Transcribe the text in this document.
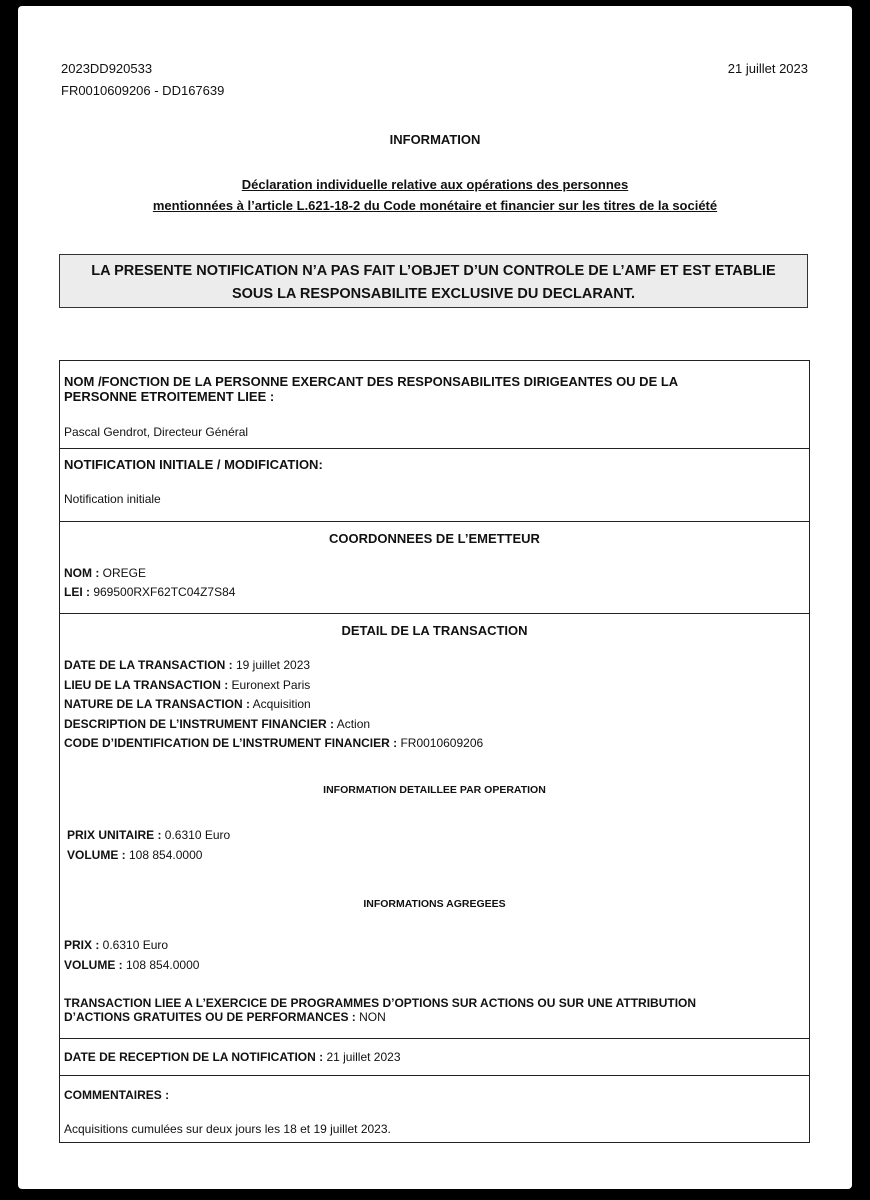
2023DD920533
FR0010609206 - DD167639
21 juillet 2023
INFORMATION
Déclaration individuelle relative aux opérations des personnes
mentionnées à l’article L.621-18-2 du Code monétaire et financier sur les titres de la société
LA PRESENTE NOTIFICATION N’A PAS FAIT L’OBJET D’UN CONTROLE DE L’AMF ET EST ETABLIE
SOUS LA RESPONSABILITE EXCLUSIVE DU DECLARANT.
NOM /FONCTION DE LA PERSONNE EXERCANT DES RESPONSABILITES DIRIGEANTES OU DE LA
PERSONNE ETROITEMENT LIEE :
Pascal Gendrot, Directeur Général
NOTIFICATION INITIALE / MODIFICATION:
Notification initiale
COORDONNEES DE L’EMETTEUR
NOM : OREGE
LEI : 969500RXF62TC04Z7S84
DETAIL DE LA TRANSACTION
DATE DE LA TRANSACTION : 19 juillet 2023
LIEU DE LA TRANSACTION : Euronext Paris
NATURE DE LA TRANSACTION : Acquisition
DESCRIPTION DE L’INSTRUMENT FINANCIER : Action
CODE D’IDENTIFICATION DE L’INSTRUMENT FINANCIER : FR0010609206
INFORMATION DETAILLEE PAR OPERATION
PRIX UNITAIRE : 0.6310 Euro
VOLUME : 108 854.0000
INFORMATIONS AGREGEES
PRIX : 0.6310 Euro
VOLUME : 108 854.0000
TRANSACTION LIEE A L’EXERCICE DE PROGRAMMES D’OPTIONS SUR ACTIONS OU SUR UNE ATTRIBUTION
D’ACTIONS GRATUITES OU DE PERFORMANCES : NON
DATE DE RECEPTION DE LA NOTIFICATION : 21 juillet 2023
COMMENTAIRES :
Acquisitions cumulées sur deux jours les 18 et 19 juillet 2023.
